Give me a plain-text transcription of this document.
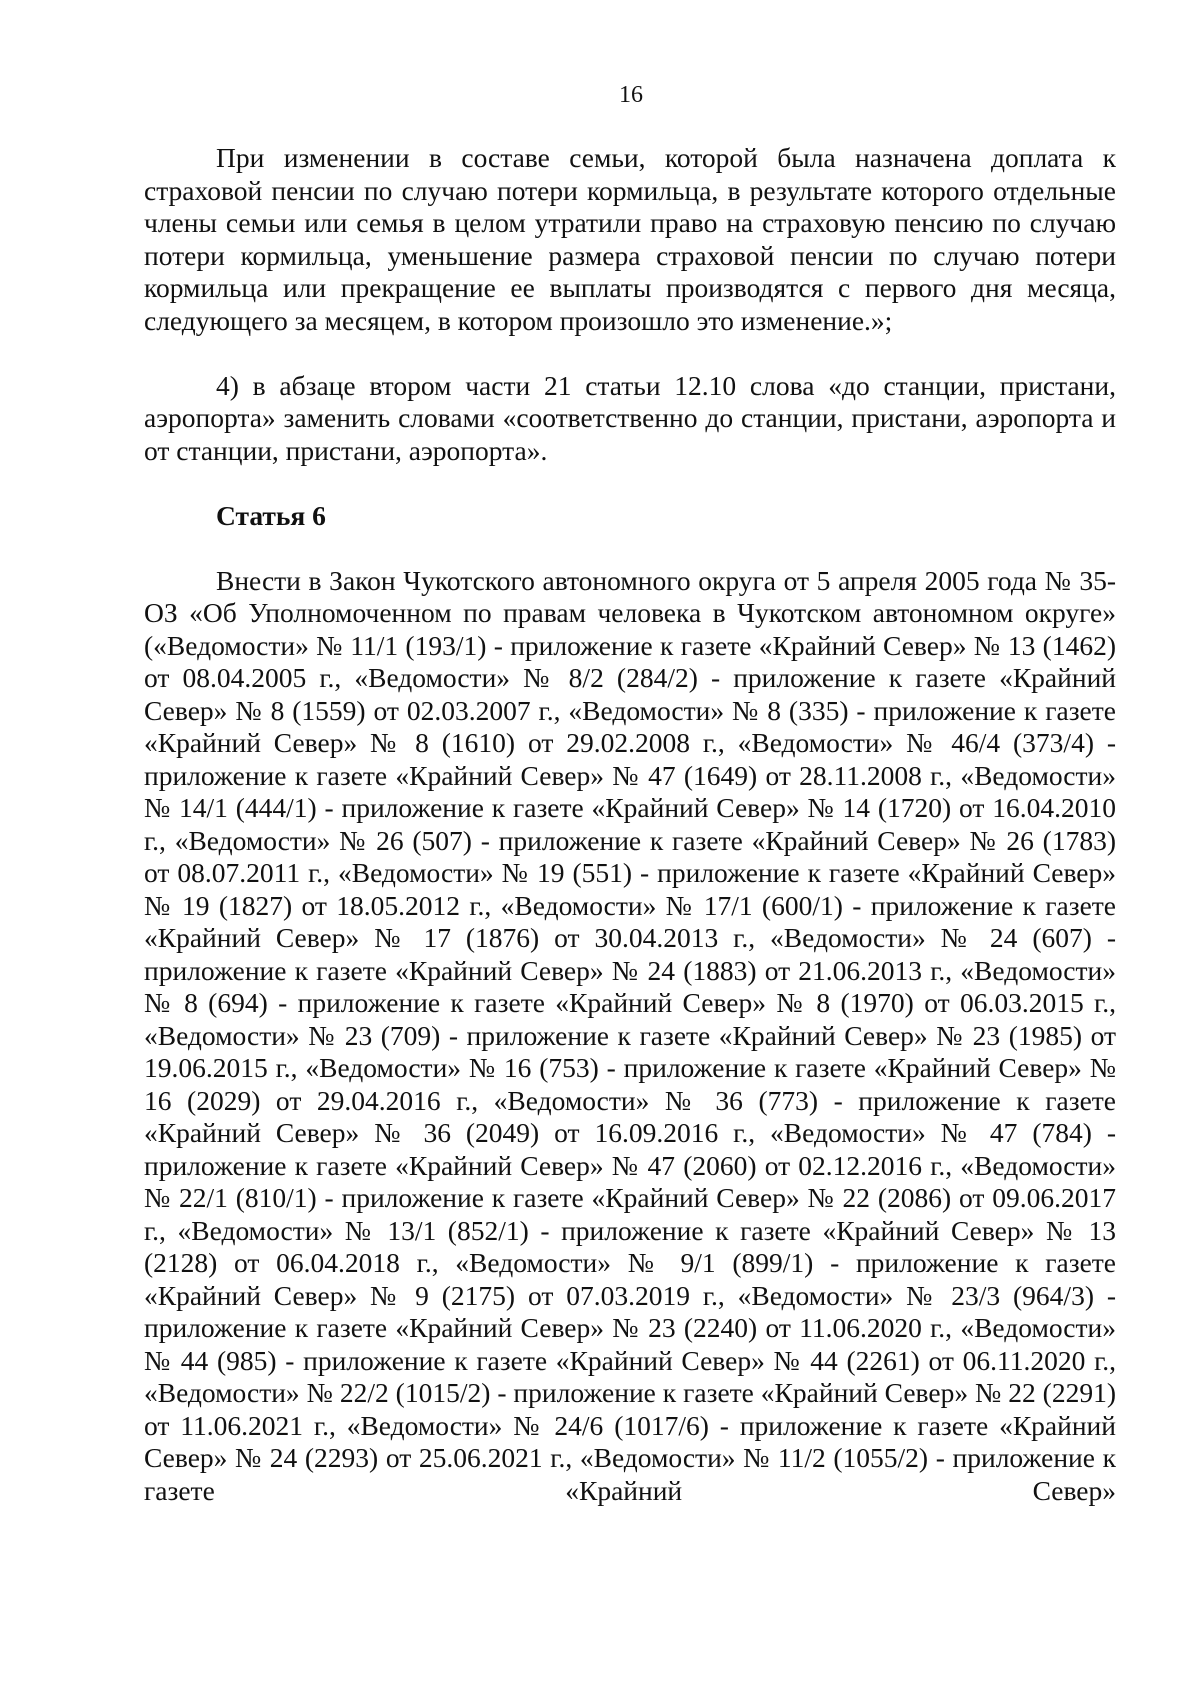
16

При изменении в составе семьи, которой была назначена доплата к страховой пенсии по случаю потери кормильца, в результате которого отдельные члены семьи или семья в целом утратили право на страховую пенсию по случаю потери кормильца, уменьшение размера страховой пенсии по случаю потери кормильца или прекращение ее выплаты производятся с первого дня месяца, следующего за месяцем, в котором произошло это изменение.»;

4) в абзаце втором части 21 статьи 12.10 слова «до станции, пристани, аэропорта» заменить словами «соответственно до станции, пристани, аэропорта и от станции, пристани, аэропорта».

Статья 6

Внести в Закон Чукотского автономного округа от 5 апреля 2005 года № 35-ОЗ «Об Уполномоченном по правам человека в Чукотском автономном округе» («Ведомости» № 11/1 (193/1) - приложение к газете «Крайний Север» № 13 (1462) от 08.04.2005 г., «Ведомости» № 8/2 (284/2) - приложение к газете «Крайний Север» № 8 (1559) от 02.03.2007 г., «Ведомости» № 8 (335) - приложение к газете «Крайний Север» № 8 (1610) от 29.02.2008 г., «Ведомости» № 46/4 (373/4) - приложение к газете «Крайний Север» № 47 (1649) от 28.11.2008 г., «Ведомости» № 14/1 (444/1) - приложение к газете «Крайний Север» № 14 (1720) от 16.04.2010 г., «Ведомости» № 26 (507) - приложение к газете «Крайний Север» № 26 (1783) от 08.07.2011 г., «Ведомости» № 19 (551) - приложение к газете «Крайний Север» № 19 (1827) от 18.05.2012 г., «Ведомости» № 17/1 (600/1) - приложение к газете «Крайний Север» № 17 (1876) от 30.04.2013 г., «Ведомости» № 24 (607) - приложение к газете «Крайний Север» № 24 (1883) от 21.06.2013 г., «Ведомости» № 8 (694) - приложение к газете «Крайний Север» № 8 (1970) от 06.03.2015 г., «Ведомости» № 23 (709) - приложение к газете «Крайний Север» № 23 (1985) от 19.06.2015 г., «Ведомости» № 16 (753) - приложение к газете «Крайний Север» № 16 (2029) от 29.04.2016 г., «Ведомости» № 36 (773) - приложение к газете «Крайний Север» № 36 (2049) от 16.09.2016 г., «Ведомости» № 47 (784) - приложение к газете «Крайний Север» № 47 (2060) от 02.12.2016 г., «Ведомости» № 22/1 (810/1) - приложение к газете «Крайний Север» № 22 (2086) от 09.06.2017 г., «Ведомости» № 13/1 (852/1) - приложение к газете «Крайний Север» № 13 (2128) от 06.04.2018 г., «Ведомости» № 9/1 (899/1) - приложение к газете «Крайний Север» № 9 (2175) от 07.03.2019 г., «Ведомости» № 23/3 (964/3) - приложение к газете «Крайний Север» № 23 (2240) от 11.06.2020 г., «Ведомости» № 44 (985) - приложение к газете «Крайний Север» № 44 (2261) от 06.11.2020 г., «Ведомости» № 22/2 (1015/2) - приложение к газете «Крайний Север» № 22 (2291) от 11.06.2021 г., «Ведомости» № 24/6 (1017/6) - приложение к газете «Крайний Север» № 24 (2293) от 25.06.2021 г., «Ведомости» № 11/2 (1055/2) - приложение к газете «Крайний Север»
